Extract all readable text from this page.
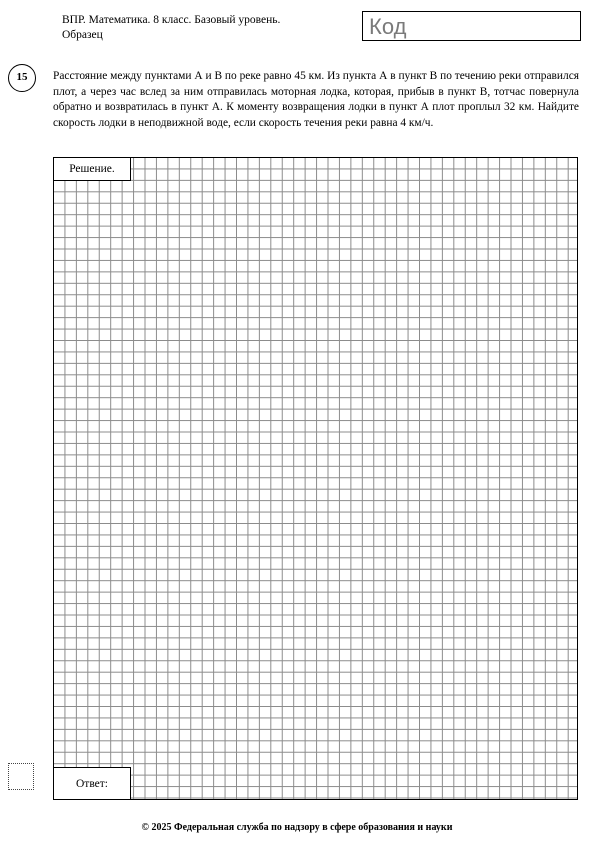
ВПР. Математика. 8 класс. Базовый уровень.
Образец	Код
15	Расстояние между пунктами А и В по реке равно 45 км. Из пункта А в пункт В по течению реки отправился плот, а через час вслед за ним отправилась моторная лодка, которая, прибыв в пункт В, тотчас повернула обратно и возвратилась в пункт А. К моменту возвращения лодки в пункт А плот проплыл 32 км. Найдите скорость лодки в неподвижной воде, если скорость течения реки равна 4 км/ч.
Решение.
Ответ:
© 2025 Федеральная служба по надзору в сфере образования и науки
